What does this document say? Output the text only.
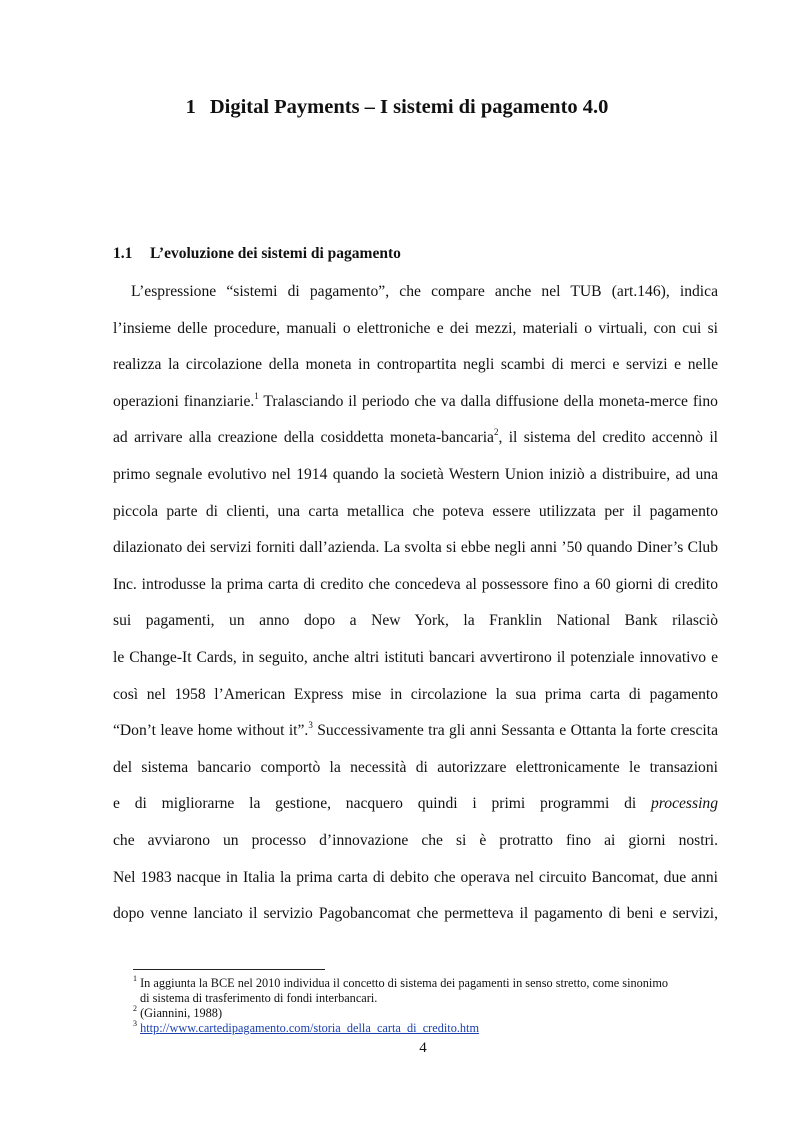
1 Digital Payments – I sistemi di pagamento 4.0
1.1 L’evoluzione dei sistemi di pagamento
L’espressione “sistemi di pagamento”, che compare anche nel TUB (art.146), indica
l’insieme delle procedure, manuali o elettroniche e dei mezzi, materiali o virtuali, con cui si
realizza la circolazione della moneta in contropartita negli scambi di merci e servizi e nelle
operazioni finanziarie.$^1$ Tralasciando il periodo che va dalla diffusione della moneta-merce fino
ad arrivare alla creazione della cosiddetta moneta-bancaria$^2$, il sistema del credito accennò il
primo segnale evolutivo nel 1914 quando la società Western Union iniziò a distribuire, ad una
piccola parte di clienti, una carta metallica che poteva essere utilizzata per il pagamento
dilazionato dei servizi forniti dall’azienda. La svolta si ebbe negli anni ’50 quando Diner’s Club
Inc. introdusse la prima carta di credito che concedeva al possessore fino a 60 giorni di credito
sui pagamenti, un anno dopo a New York, la Franklin National Bank rilasciò
le Change-It Cards, in seguito, anche altri istituti bancari avvertirono il potenziale innovativo e
così nel 1958 l’American Express mise in circolazione la sua prima carta di pagamento
“Don’t leave home without it”.$^3$ Successivamente tra gli anni Sessanta e Ottanta la forte crescita
del sistema bancario comportò la necessità di autorizzare elettronicamente le transazioni
e di migliorarne la gestione, nacquero quindi i primi programmi di processing
che avviarono un processo d’innovazione che si è protratto fino ai giorni nostri.
Nel 1983 nacque in Italia la prima carta di debito che operava nel circuito Bancomat, due anni
dopo venne lanciato il servizio Pagobancomat che permetteva il pagamento di beni e servizi,
$^1$ In aggiunta la BCE nel 2010 individua il concetto di sistema dei pagamenti in senso stretto, come sinonimo
di sistema di trasferimento di fondi interbancari.
$^2$ (Giannini, 1988)
$^3$ http://www.cartedipagamento.com/storia_della_carta_di_credito.htm
4
